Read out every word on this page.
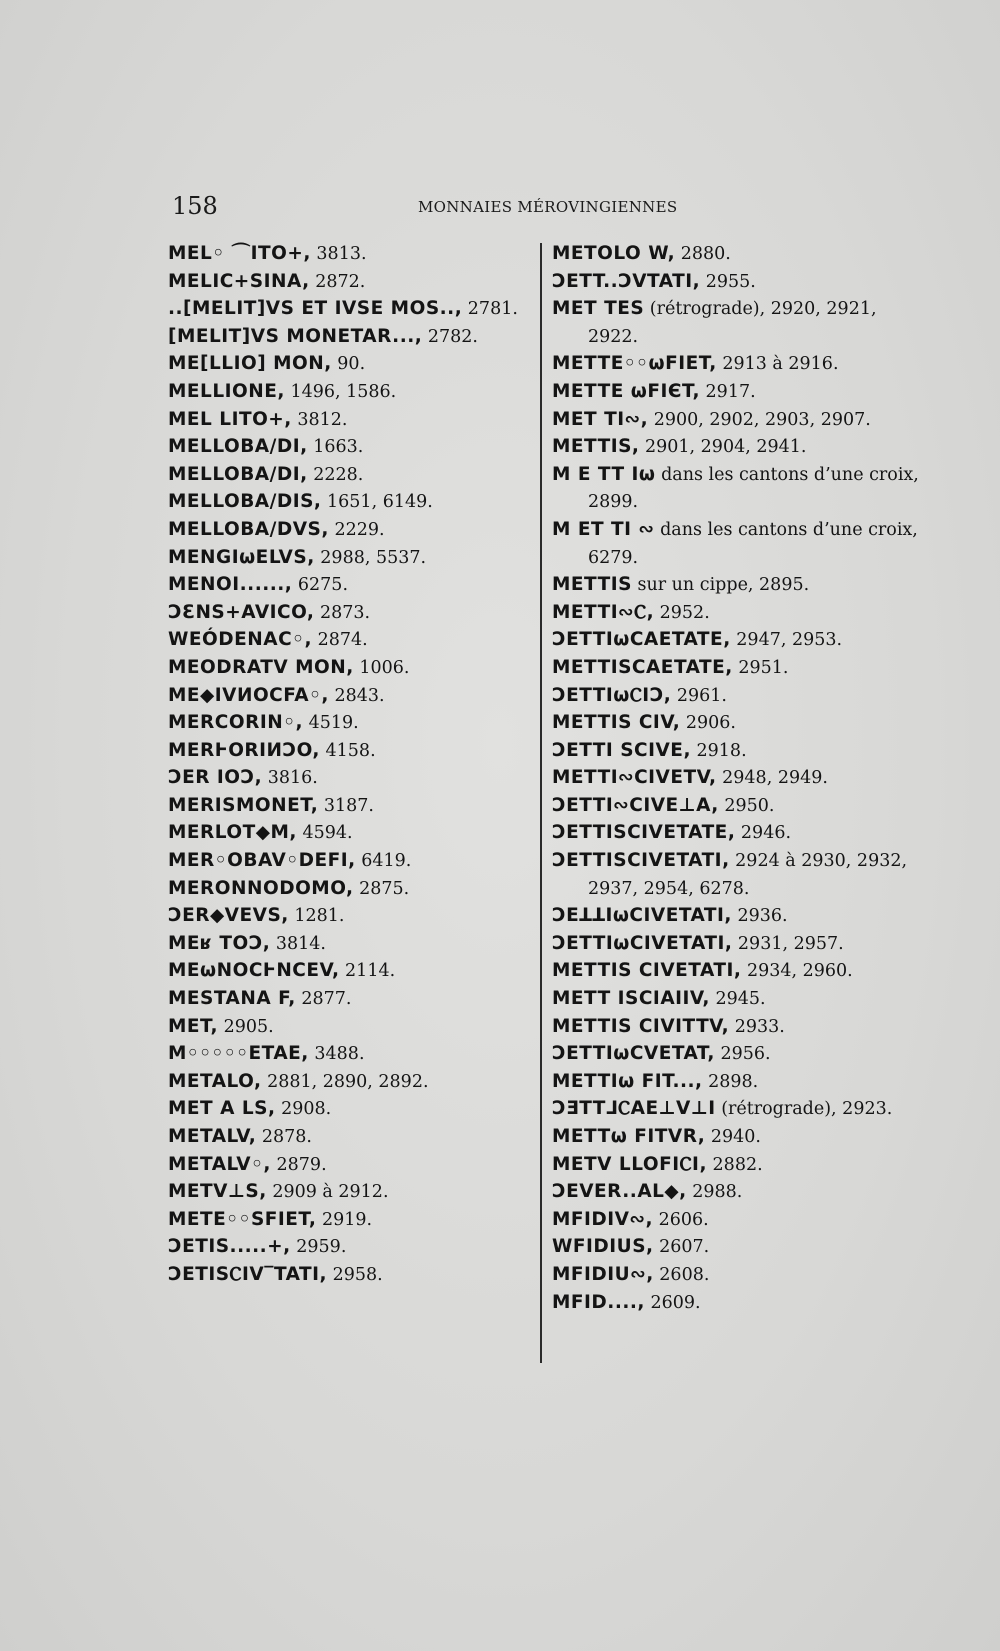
158	MONNAIES MÉROVINGIENNES
MEL◦ ⌒ITO+, 3813.
MELIC+SINA, 2872.
..[MELIT]VS ET IVSE MOS.., 2781.
[MELIT]VS MONETAR..., 2782.
ME[LLIO] MON, 90.
MELLIONE, 1496, 1586.
MEL LITO+, 3812.
MELLOBA/DI, 1663.
MELLOBA/DI, 2228.
MELLOBA/DIS, 1651, 6149.
MELLOBA/DVS, 2229.
MENGIωELVS, 2988, 5537.
MENOI......, 6275.
ƆƐNS+AVICO, 2873.
WEÓDENAC◦, 2874.
MEODRATV MON, 1006.
ME◆IVИOCFA◦, 2843.
MERCORIN◦, 4519.
MERⱵORIИƆO, 4158.
ƆER IOƆ, 3816.
MERISMONET, 3187.
MERLOT◆M, 4594.
MER◦OBAV◦DEFI, 6419.
MERONNODOMO, 2875.
ƆER◆VEVS, 1281.
MEʁ TOƆ, 3814.
MEωNOCⱵNCEV, 2114.
MESTANA F, 2877.
MET, 2905.
M◦◦◦◦◦ETAE, 3488.
METALO, 2881, 2890, 2892.
MET A LS, 2908.
METALV, 2878.
METALV◦, 2879.
METV⊥S, 2909 à 2912.
METE◦◦SFIET, 2919.
ƆETIS.....+, 2959.
ƆETISⲤIV‾TATI, 2958.
METOLO W, 2880.
ƆETT..ƆVTATI, 2955.
MET TES (rétrograde), 2920, 2921, 2922.
METTE◦◦ωFIET, 2913 à 2916.
METTE ωFIЄT, 2917.
MET TI∾, 2900, 2902, 2903, 2907.
METTIS, 2901, 2904, 2941.
M E TT Iω dans les cantons d’une croix, 2899.
M ET TI ∾ dans les cantons d’une croix, 6279.
METTIS sur un cippe, 2895.
METTI∾Ⲥ, 2952.
ƆETTIωCAETATE, 2947, 2953.
METTISCAETATE, 2951.
ƆETTIωⲤIƆ, 2961.
METTIS CIV, 2906.
ƆETTI SCIVE, 2918.
METTI∾CIVETV, 2948, 2949.
ƆETTI∾CIVE⊥A, 2950.
ƆETTISCIVETATE, 2946.
ƆETTISCIVETATI, 2924 à 2930, 2932, 2937, 2954, 6278.
ƆEꓕꓕIωCIVETATI, 2936.
ƆETTIωCIVETATI, 2931, 2957.
METTIS CIVETATI, 2934, 2960.
METT ISCIAIIV, 2945.
METTIS CIVITTV, 2933.
ƆETTIωCVETAT, 2956.
METTIω FIT..., 2898.
ƆƎTT⅃ⲤAE⊥V⊥I (rétrograde), 2923.
METTω FITVR, 2940.
METV LLOFIⲤI, 2882.
ƆEVER..AL◆, 2988.
MFIDIV∾, 2606.
WFIDIUS, 2607.
MFIDIU∾, 2608.
MFID...., 2609.
